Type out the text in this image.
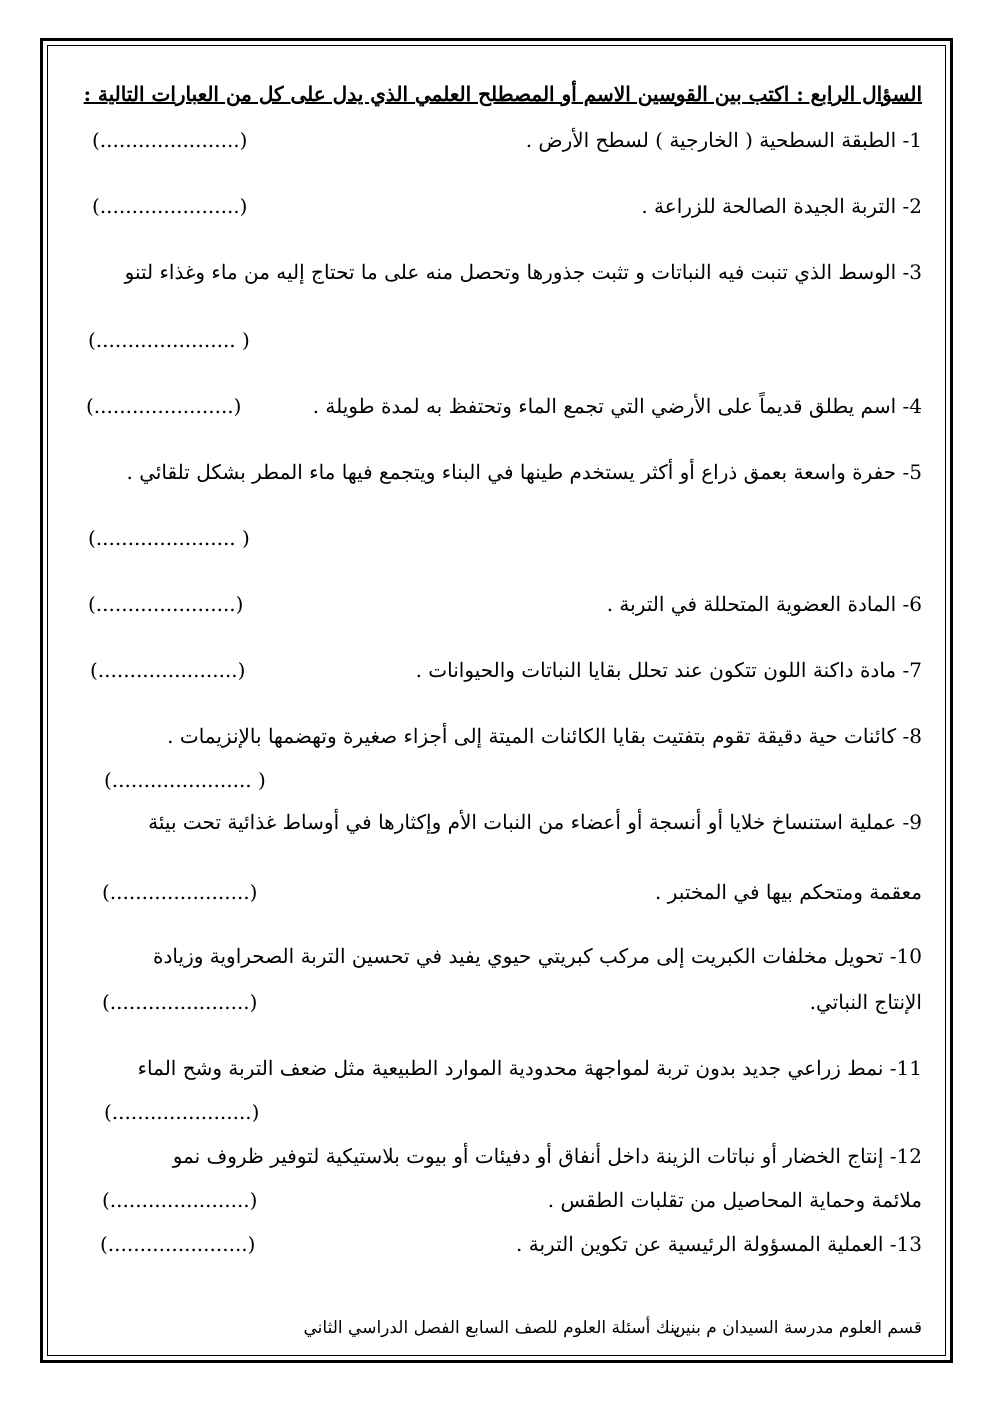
السؤال الرابع : اكتب بين القوسين الاسم أو المصطلح العلمي الذي يدل على كل من العبارات التالية :
1- الطبقة السطحية ( الخارجية ) لسطح الأرض .
(......................)
2- التربة الجيدة الصالحة للزراعة .
(......................)
3- الوسط الذي تنبت فيه النباتات و تثبت جذورها وتحصل منه على ما تحتاج إليه من ماء وغذاء لتنو
(...................... )
4- اسم يطلق قديماً على الأرضي التي تجمع الماء وتحتفظ به لمدة طويلة .
(......................)
5- حفرة واسعة بعمق ذراع أو أكثر يستخدم طينها في البناء ويتجمع فيها ماء المطر بشكل تلقائي .
(...................... )
6- المادة العضوية المتحللة في التربة .
(......................)
7- مادة داكنة اللون تتكون عند تحلل بقايا النباتات والحيوانات .
(......................)
8- كائنات حية دقيقة تقوم بتفتيت بقايا الكائنات الميتة إلى أجزاء صغيرة وتهضمها بالإنزيمات .
(...................... )
9- عملية استنساخ خلايا أو أنسجة أو أعضاء من النبات الأم وإكثارها في أوساط غذائية تحت بيئة
معقمة ومتحكم بيها في المختبر .
(......................)
10- تحويل مخلفات الكبريت إلى مركب كبريتي حيوي يفيد في تحسين التربة الصحراوية وزيادة
الإنتاج النباتي.
(......................)
11- نمط زراعي جديد بدون تربة لمواجهة محدودية الموارد الطبيعية مثل ضعف التربة وشح الماء
(......................)
12- إنتاج الخضار أو نباتات الزينة داخل أنفاق أو دفيئات أو بيوت بلاستيكية لتوفير ظروف نمو
ملائمة وحماية المحاصيل من تقلبات الطقس .
(......................)
13- العملية المسؤولة الرئيسية عن تكوين التربة .
(......................)
قسم العلوم مدرسة السيدان م بنين
بنك أسئلة العلوم للصف السابع الفصل الدراسي الثاني
